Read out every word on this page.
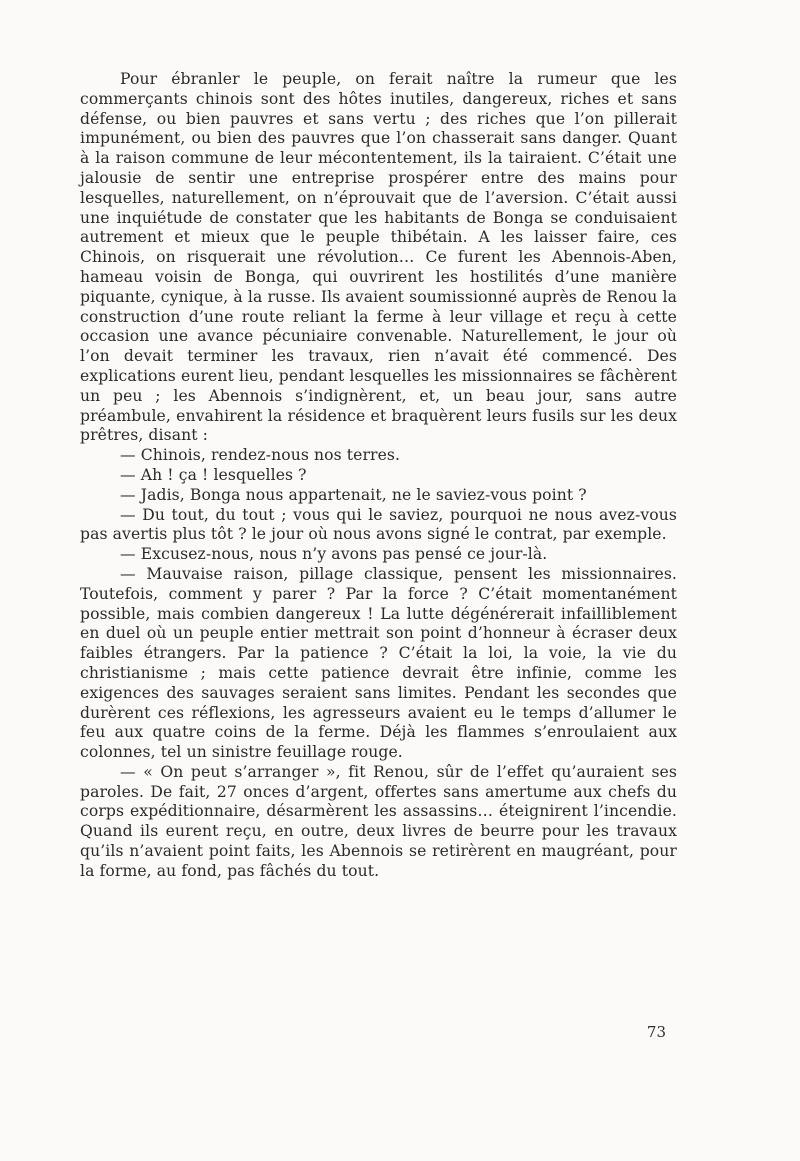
Pour ébranler le peuple, on ferait naître la rumeur que les commerçants chinois sont des hôtes inutiles, dangereux, riches et sans défense, ou bien pauvres et sans vertu ; des riches que l’on pillerait impunément, ou bien des pauvres que l’on chasserait sans danger. Quant à la raison commune de leur mécontentement, ils la tairaient. C’était une jalousie de sentir une entreprise prospérer entre des mains pour lesquelles, naturellement, on n’éprouvait que de l’aversion. C’était aussi une inquiétude de constater que les habitants de Bonga se conduisaient autrement et mieux que le peuple thibétain. A les laisser faire, ces Chinois, on risquerait une révolution… Ce furent les Abennois-Aben, hameau voisin de Bonga, qui ouvrirent les hostilités d’une manière piquante, cynique, à la russe. Ils avaient soumissionné auprès de Renou la construction d’une route reliant la ferme à leur village et reçu à cette occasion une avance pécuniaire convenable. Naturellement, le jour où l’on devait terminer les travaux, rien n’avait été commencé. Des explications eurent lieu, pendant lesquelles les missionnaires se fâchèrent un peu ; les Abennois s’indignèrent, et, un beau jour, sans autre préambule, envahirent la résidence et braquèrent leurs fusils sur les deux prêtres, disant :

— Chinois, rendez-nous nos terres.

— Ah ! ça ! lesquelles ?

— Jadis, Bonga nous appartenait, ne le saviez-vous point ?

— Du tout, du tout ; vous qui le saviez, pourquoi ne nous avez-vous pas avertis plus tôt ? le jour où nous avons signé le contrat, par exemple.

— Excusez-nous, nous n’y avons pas pensé ce jour-là.

— Mauvaise raison, pillage classique, pensent les missionnaires. Toutefois, comment y parer ? Par la force ? C’était momentanément possible, mais combien dangereux ! La lutte dégénérerait infailliblement en duel où un peuple entier mettrait son point d’honneur à écraser deux faibles étrangers. Par la patience ? C’était la loi, la voie, la vie du christianisme ; mais cette patience devrait être infinie, comme les exigences des sauvages seraient sans limites. Pendant les secondes que durèrent ces réflexions, les agresseurs avaient eu le temps d’allumer le feu aux quatre coins de la ferme. Déjà les flammes s’enroulaient aux colonnes, tel un sinistre feuillage rouge.

— « On peut s’arranger », fit Renou, sûr de l’effet qu’auraient ses paroles. De fait, 27 onces d’argent, offertes sans amertume aux chefs du corps expéditionnaire, désarmèrent les assassins… éteignirent l’incendie. Quand ils eurent reçu, en outre, deux livres de beurre pour les travaux qu’ils n’avaient point faits, les Abennois se retirèrent en maugréant, pour la forme, au fond, pas fâchés du tout.

73
